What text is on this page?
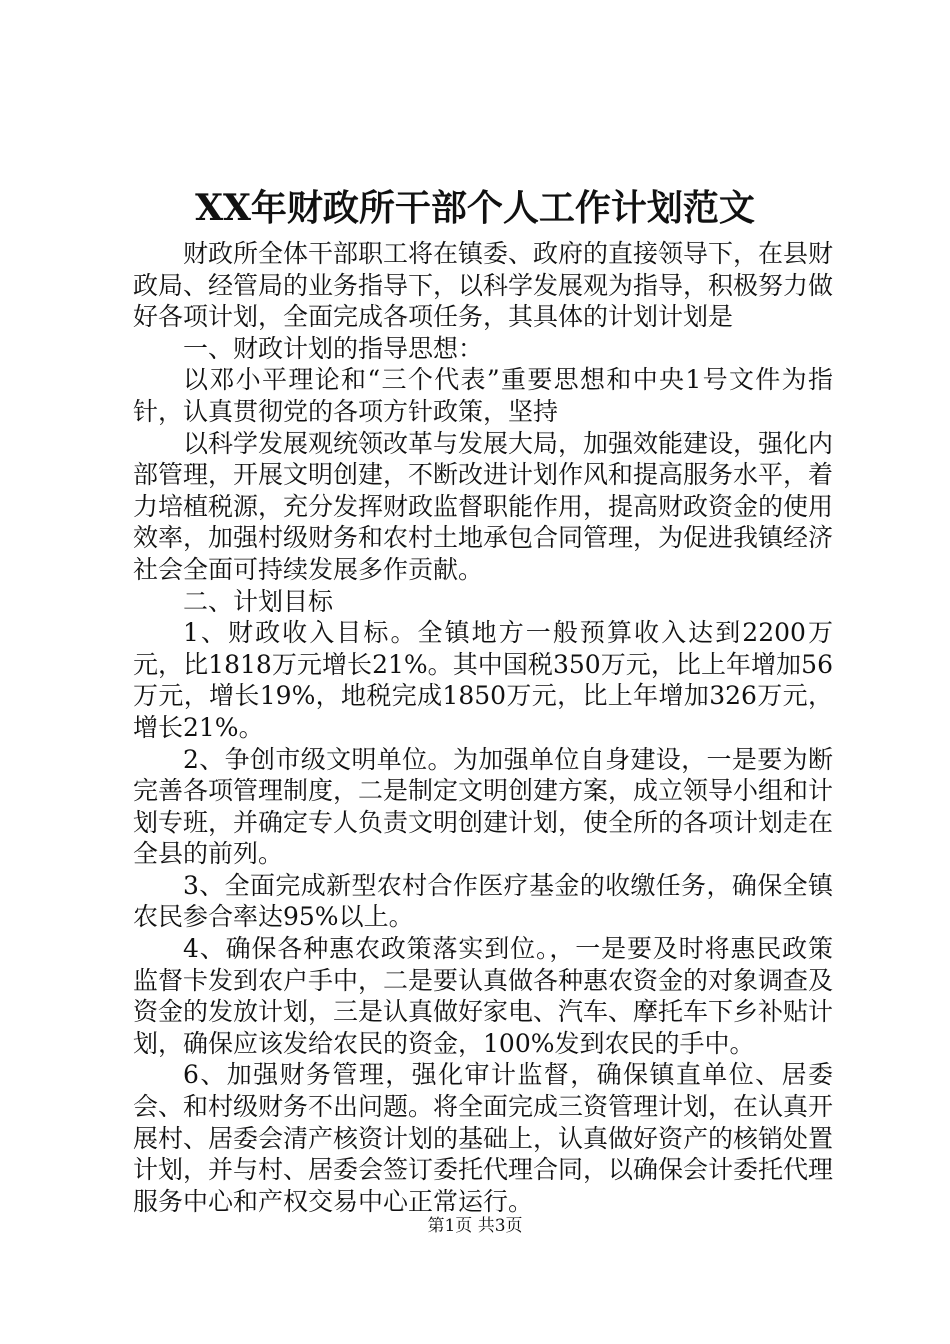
XX年财政所干部个人工作计划范文

财政所全体干部职工将在镇委、政府的直接领导下，在县财政局、经管局的业务指导下，以科学发展观为指导，积极努力做好各项计划，全面完成各项任务，其具体的计划计划是

一、财政计划的指导思想：

以邓小平理论和“三个代表”重要思想和中央1号文件为指针，认真贯彻党的各项方针政策，坚持

以科学发展观统领改革与发展大局，加强效能建设，强化内部管理，开展文明创建，不断改进计划作风和提高服务水平，着力培植税源，充分发挥财政监督职能作用，提高财政资金的使用效率，加强村级财务和农村土地承包合同管理，为促进我镇经济社会全面可持续发展多作贡献。

二、计划目标

1、财政收入目标。全镇地方一般预算收入达到2200万元，比1818万元增长21%。其中国税350万元，比上年增加56万元，增长19%，地税完成1850万元，比上年增加326万元，增长21%。

2、争创市级文明单位。为加强单位自身建设，一是要为断完善各项管理制度，二是制定文明创建方案，成立领导小组和计划专班，并确定专人负责文明创建计划，使全所的各项计划走在全县的前列。

3、全面完成新型农村合作医疗基金的收缴任务，确保全镇农民参合率达95%以上。

4、确保各种惠农政策落实到位。，一是要及时将惠民政策监督卡发到农户手中，二是要认真做各种惠农资金的对象调查及资金的发放计划，三是认真做好家电、汽车、摩托车下乡补贴计划，确保应该发给农民的资金，100%发到农民的手中。

6、加强财务管理，强化审计监督，确保镇直单位、居委会、和村级财务不出问题。将全面完成三资管理计划，在认真开展村、居委会清产核资计划的基础上，认真做好资产的核销处置计划，并与村、居委会签订委托代理合同，以确保会计委托代理服务中心和产权交易中心正常运行。

第1页 共3页
